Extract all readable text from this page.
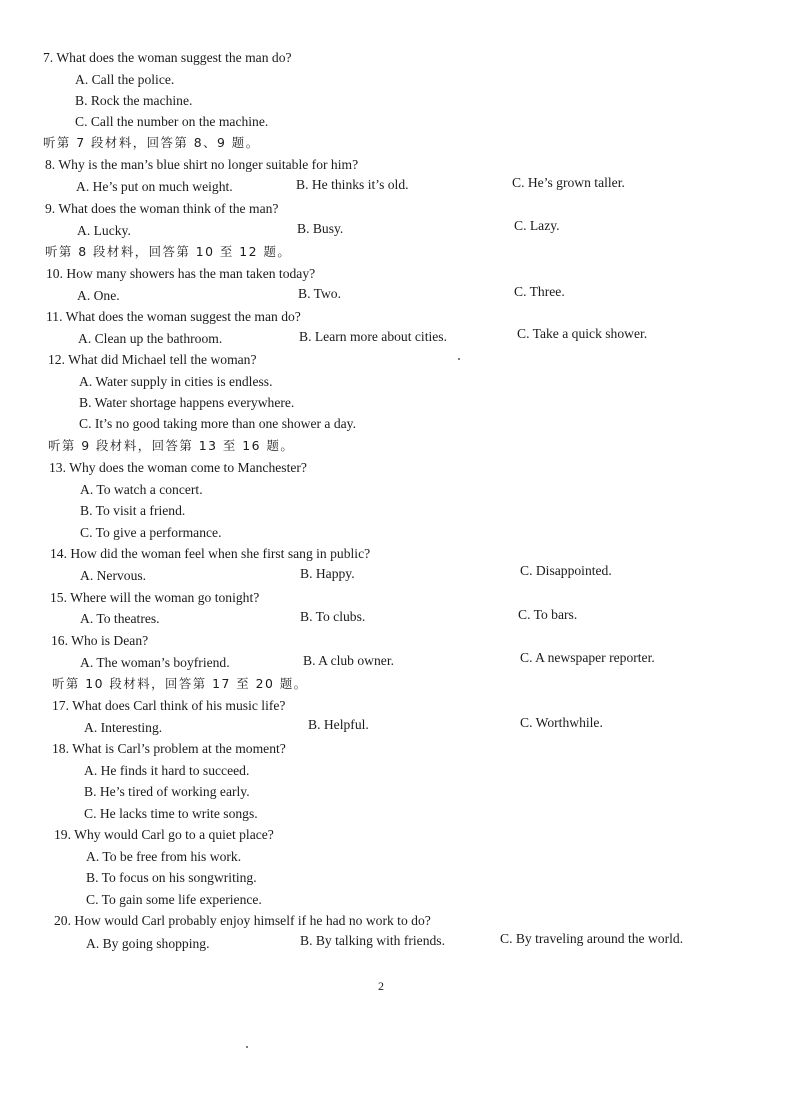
7. What does the woman suggest the man do?
A. Call the police.
B. Rock the machine.
C. Call the number on the machine.
听第 7 段材料，回答第 8、9 题。
8. Why is the man’s blue shirt no longer suitable for him?
A. He’s put on much weight.	B. He thinks it’s old.	C. He’s grown taller.
9. What does the woman think of the man?
A. Lucky.	B. Busy.	C. Lazy.
听第 8 段材料，回答第 10 至 12 题。
10. How many showers has the man taken today?
A. One.	B. Two.	C. Three.
11. What does the woman suggest the man do?
A. Clean up the bathroom.	B. Learn more about cities.	C. Take a quick shower.
12. What did Michael tell the woman?
A. Water supply in cities is endless.
B. Water shortage happens everywhere.
C. It’s no good taking more than one shower a day.
听第 9 段材料，回答第 13 至 16 题。
13. Why does the woman come to Manchester?
A. To watch a concert.
B. To visit a friend.
C. To give a performance.
14. How did the woman feel when she first sang in public?
A. Nervous.	B. Happy.	C. Disappointed.
15. Where will the woman go tonight?
A. To theatres.	B. To clubs.	C. To bars.
16. Who is Dean?
A. The woman’s boyfriend.	B. A club owner.	C. A newspaper reporter.
听第 10 段材料，回答第 17 至 20 题。
17. What does Carl think of his music life?
A. Interesting.	B. Helpful.	C. Worthwhile.
18. What is Carl’s problem at the moment?
A. He finds it hard to succeed.
B. He’s tired of working early.
C. He lacks time to write songs.
19. Why would Carl go to a quiet place?
A. To be free from his work.
B. To focus on his songwriting.
C. To gain some life experience.
20. How would Carl probably enjoy himself if he had no work to do?
A. By going shopping.	B. By talking with friends.	C. By traveling around the world.
2
